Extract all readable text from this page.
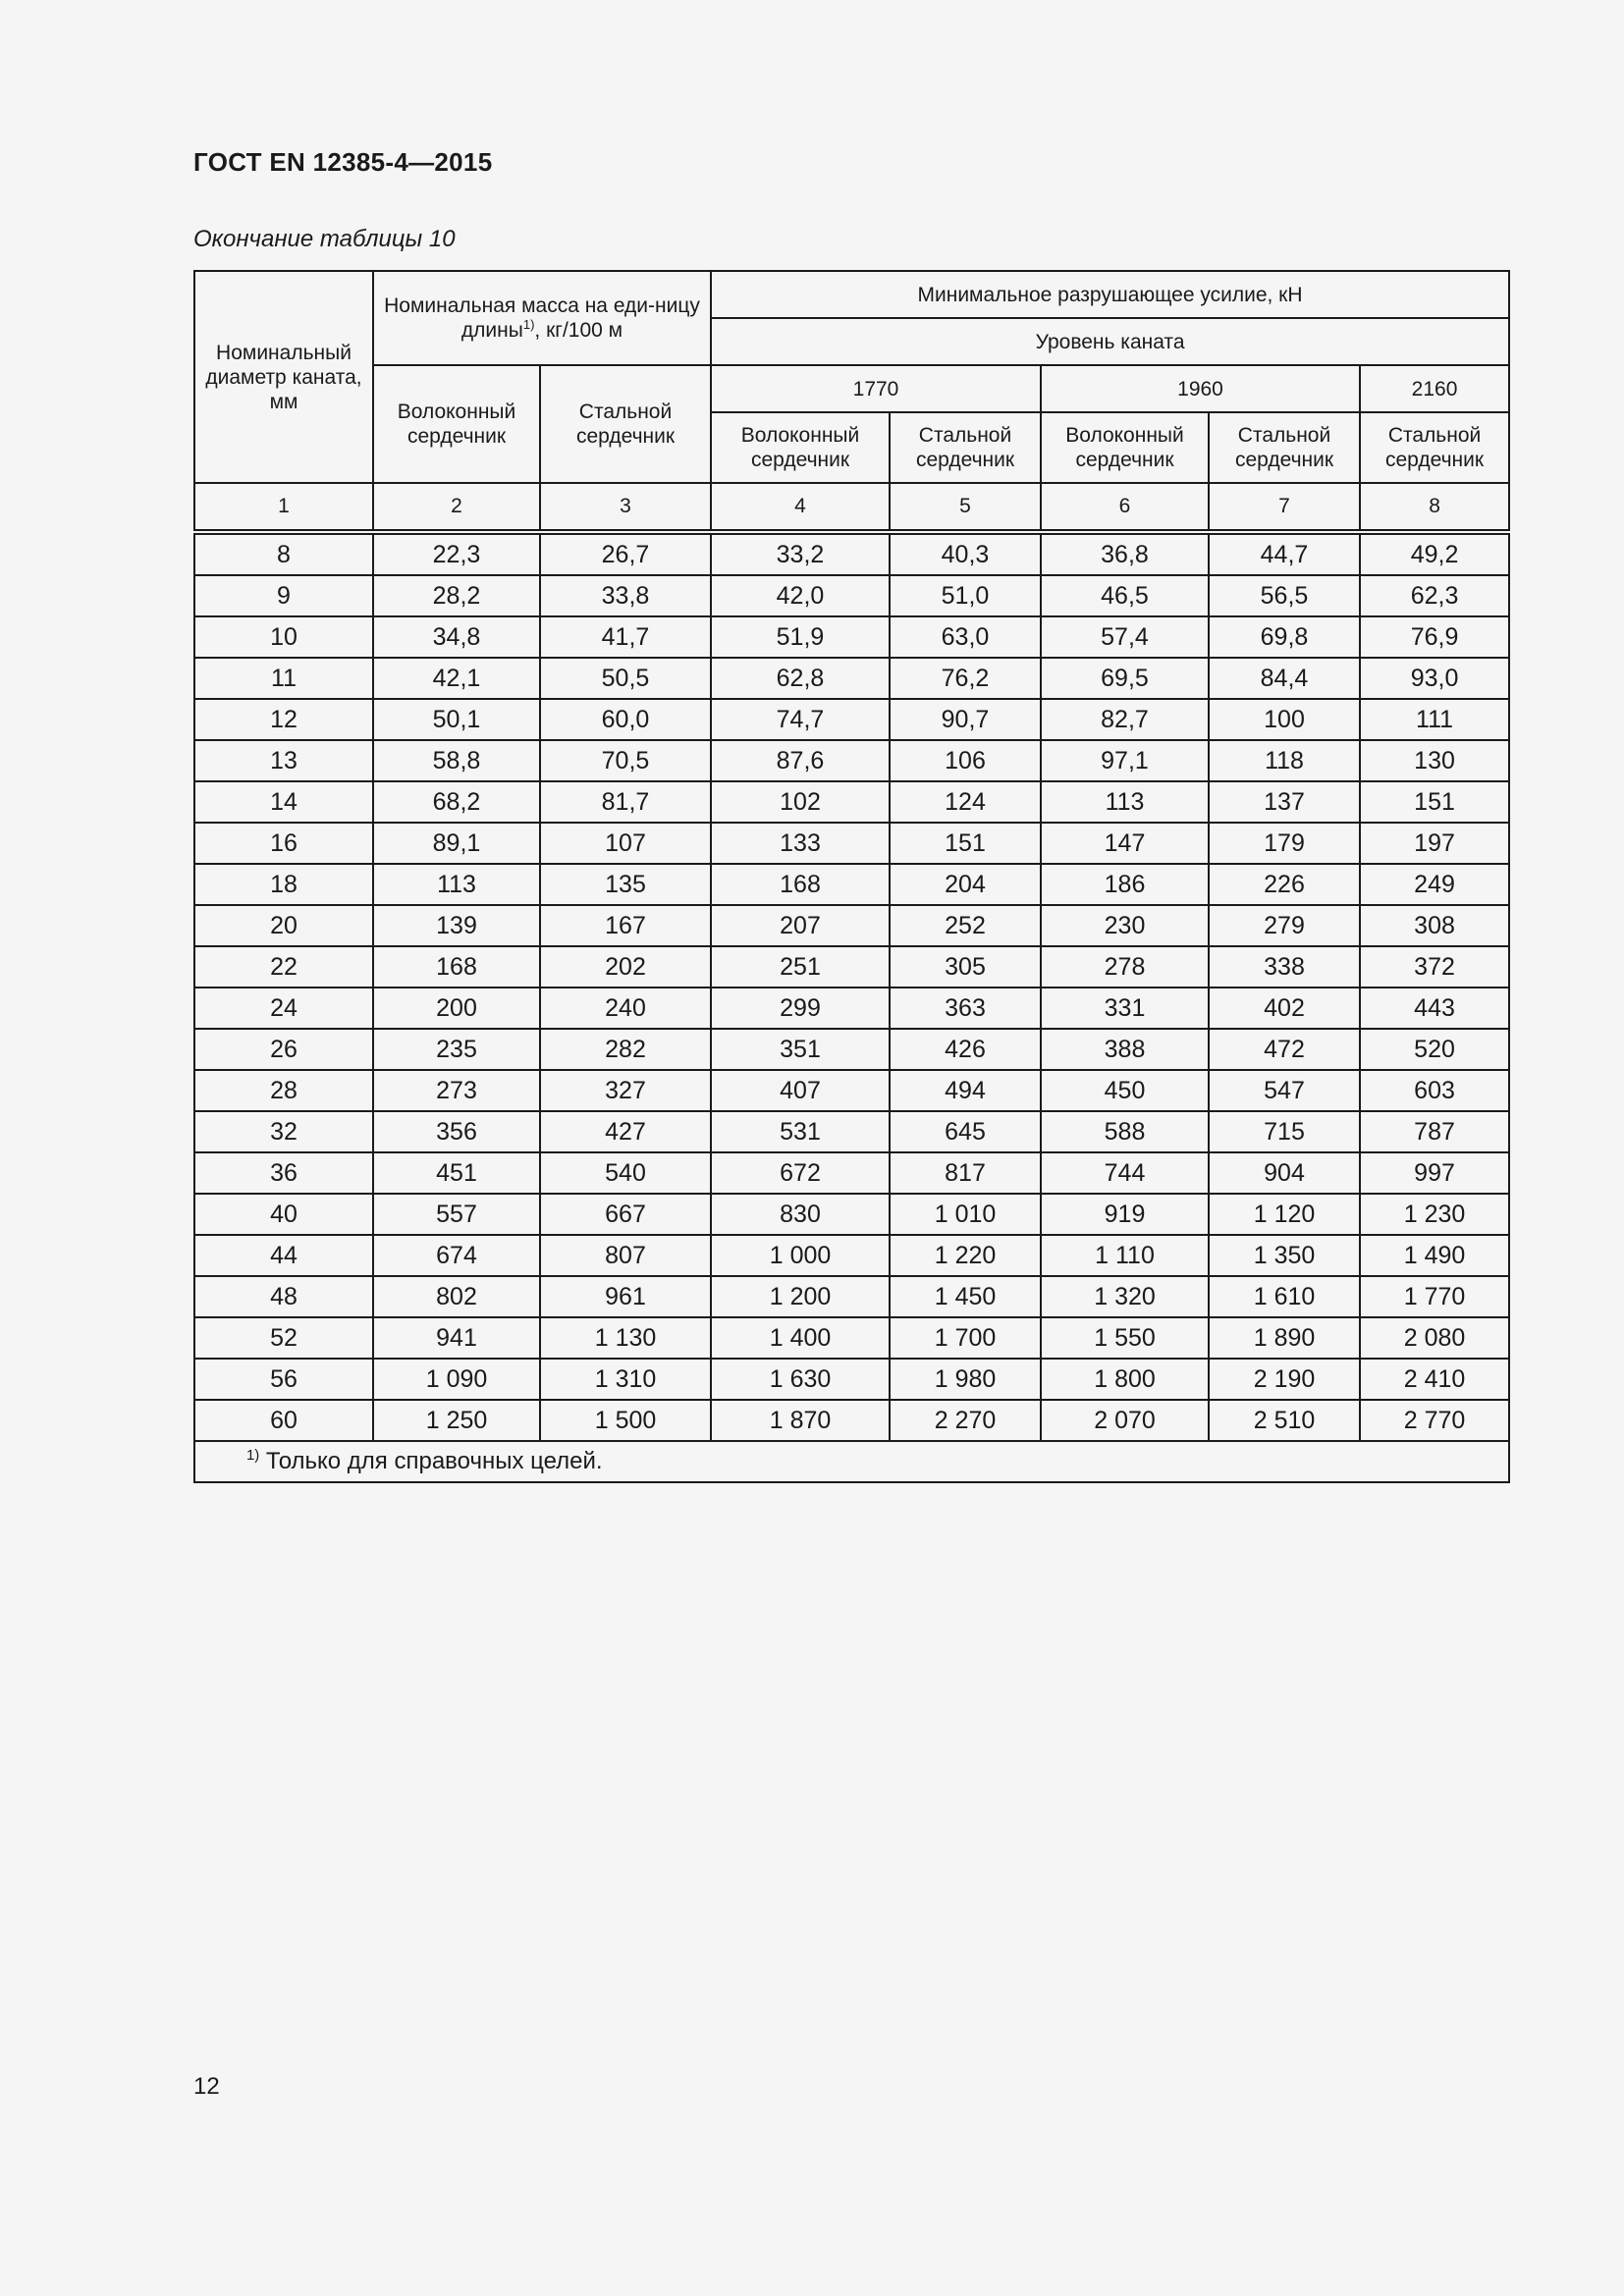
ГОСТ EN 12385-4—2015
Окончание таблицы 10
Номинальный диаметр каната, мм	Номинальная масса на еди-ницу длины$^{1)}$, кг/100 м		Минимальное разрушающее усилие, кН				
			Уровень каната				
	Волоконный сердечник	Стальной сердечник	1770		1960		2160
			Волоконный сердечник	Стальной сердечник	Волоконный сердечник	Стальной сердечник	Стальной сердечник
1	2	3	4	5	6	7	8
8	22,3	26,7	33,2	40,3	36,8	44,7	49,2
9	28,2	33,8	42,0	51,0	46,5	56,5	62,3
10	34,8	41,7	51,9	63,0	57,4	69,8	76,9
11	42,1	50,5	62,8	76,2	69,5	84,4	93,0
12	50,1	60,0	74,7	90,7	82,7	100	111
13	58,8	70,5	87,6	106	97,1	118	130
14	68,2	81,7	102	124	113	137	151
16	89,1	107	133	151	147	179	197
18	113	135	168	204	186	226	249
20	139	167	207	252	230	279	308
22	168	202	251	305	278	338	372
24	200	240	299	363	331	402	443
26	235	282	351	426	388	472	520
28	273	327	407	494	450	547	603
32	356	427	531	645	588	715	787
36	451	540	672	817	744	904	997
40	557	667	830	1 010	919	1 120	1 230
44	674	807	1 000	1 220	1 110	1 350	1 490
48	802	961	1 200	1 450	1 320	1 610	1 770
52	941	1 130	1 400	1 700	1 550	1 890	2 080
56	1 090	1 310	1 630	1 980	1 800	2 190	2 410
60	1 250	1 500	1 870	2 270	2 070	2 510	2 770
$^{1)}$ Только для справочных целей.							
12
